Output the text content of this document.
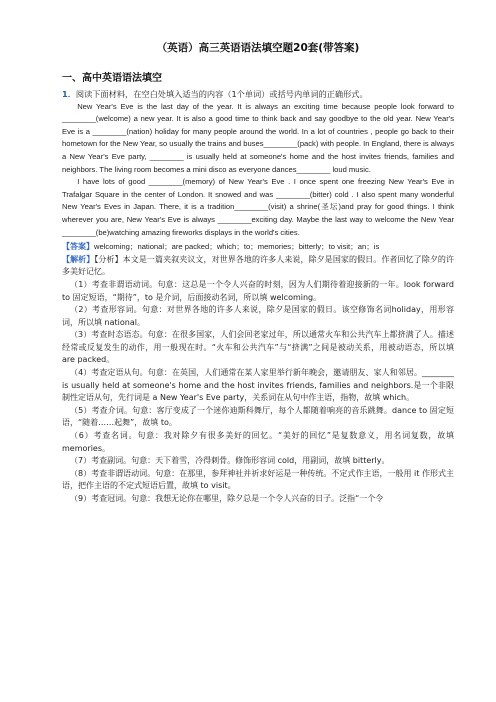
（英语）高三英语语法填空题20套(带答案)
一、高中英语语法填空

1．阅读下面材料，在空白处填入适当的内容（1个单词）或括号内单词的正确形式。

New Year's Eve is the last day of the year. It is always an exciting time because people look forward to ________(welcome) a new year. It is also a good time to think back and say goodbye to the old year. New Year's Eve is a ________(nation) holiday for many people around the world. In a lot of countries , people go back to their hometown for the New Year, so usually the trains and buses________(pack) with people. In England, there is always a New Year's Eve party, ________ is usually held at someone's home and the host invites friends, families and neighbors. The living room becomes a mini disco as everyone dances________ loud music.

I have lots of good ________(memory) of New Year's Eve . I once spent one freezing New Year's Eve in Trafalgar Square in the center of London. It snowed and was ________(bitter) cold . I also spent many wonderful New Year's Eves in Japan. There, it is a tradition________(visit) a shrine(圣坛)and pray for good things. I think wherever you are, New Year's Eve is always ________exciting day. Maybe the last way to welcome the New Year ________(be)watching amazing fireworks displays in the world's cities.

【答案】welcoming；national；are packed；which；to；memories；bitterly；to visit；an；is

【解析】【分析】本文是一篇夹叙夹议文，对世界各地的许多人来说，除夕是国家的假日。作者回忆了除夕的许多美好记忆。

（1）考查非谓语动词。句意：这总是一个令人兴奋的时刻，因为人们期待着迎接新的一年。look forward to 固定短语，“期待”，to 是介词，后面接动名词，所以填 welcoming。

（2）考查形容词。句意：对世界各地的许多人来说，除夕是国家的假日。该空修饰名词holiday，用形容词，所以填 national。

（3）考查时态语态。句意：在很多国家，人们会回老家过年，所以通常火车和公共汽车上都挤满了人。描述经常或反复发生的动作，用一般现在时。“火车和公共汽车”与“挤满”之间是被动关系，用被动语态，所以填 are packed。

（4）考查定语从句。句意：在英国，人们通常在某人家里举行新年晚会，邀请朋友、家人和邻居。________ is usually held at someone's home and the host invites friends, families and neighbors.是一个非限制性定语从句，先行词是 a New Year's Eve party，关系词在从句中作主语，指物，故填 which。

（5）考查介词。句意：客厅变成了一个迷你迪斯科舞厅，每个人都随着响亮的音乐跳舞。dance to 固定短语，“随着……起舞”，故填 to。

（6）考查名词。句意：我对除夕有很多美好的回忆。“美好的回忆”是复数意义，用名词复数，故填 memories。

（7）考查副词。句意：天下着雪，冷得刺骨。修饰形容词 cold，用副词，故填 bitterly。

（8）考查非谓语动词。句意：在那里，参拜神社并祈求好运是一种传统。不定式作主语，一般用 it 作形式主语，把作主语的不定式短语后置，故填 to visit。

（9）考查冠词。句意：我想无论你在哪里，除夕总是一个令人兴奋的日子。泛指“一个令
